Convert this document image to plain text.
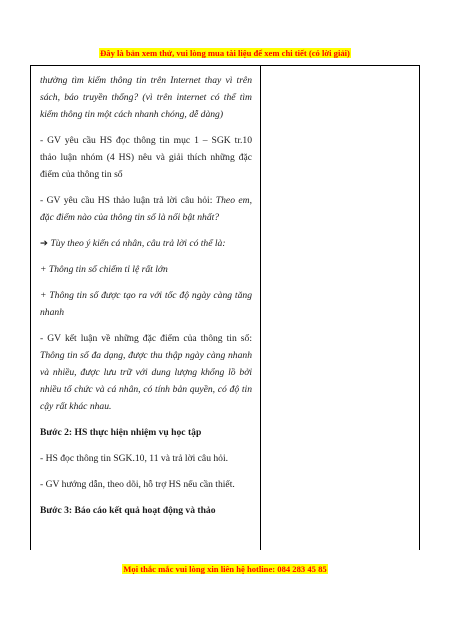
Đây là bản xem thử, vui lòng mua tài liệu để xem chi tiết (có lời giải)

thường tìm kiếm thông tin trên Internet thay vì trên sách, báo truyền thống? (vì trên internet có thể tìm kiếm thông tin một cách nhanh chóng, dễ dàng)

- GV yêu cầu HS đọc thông tin mục 1 – SGK tr.10 thảo luận nhóm (4 HS) nêu và giải thích những đặc điểm của thông tin số

- GV yêu cầu HS thảo luận trả lời câu hỏi: Theo em, đặc điểm nào của thông tin số là nổi bật nhất?

➔ Tùy theo ý kiến cá nhân, câu trả lời có thể là:

+ Thông tin số chiếm tỉ lệ rất lớn

+ Thông tin số được tạo ra với tốc độ ngày càng tăng nhanh

- GV kết luận về những đặc điểm của thông tin số: Thông tin số đa dạng, được thu thập ngày càng nhanh và nhiều, được lưu trữ với dung lượng khổng lồ bởi nhiều tổ chức và cá nhân, có tính bản quyền, có độ tin cậy rất khác nhau.

Bước 2: HS thực hiện nhiệm vụ học tập

- HS đọc thông tin SGK.10, 11 và trả lời câu hỏi.

- GV hướng dẫn, theo dõi, hỗ trợ HS nếu cần thiết.

Bước 3: Báo cáo kết quả hoạt động và thảo

Mọi thắc mắc vui lòng xin liên hệ hotline: 084 283 45 85
